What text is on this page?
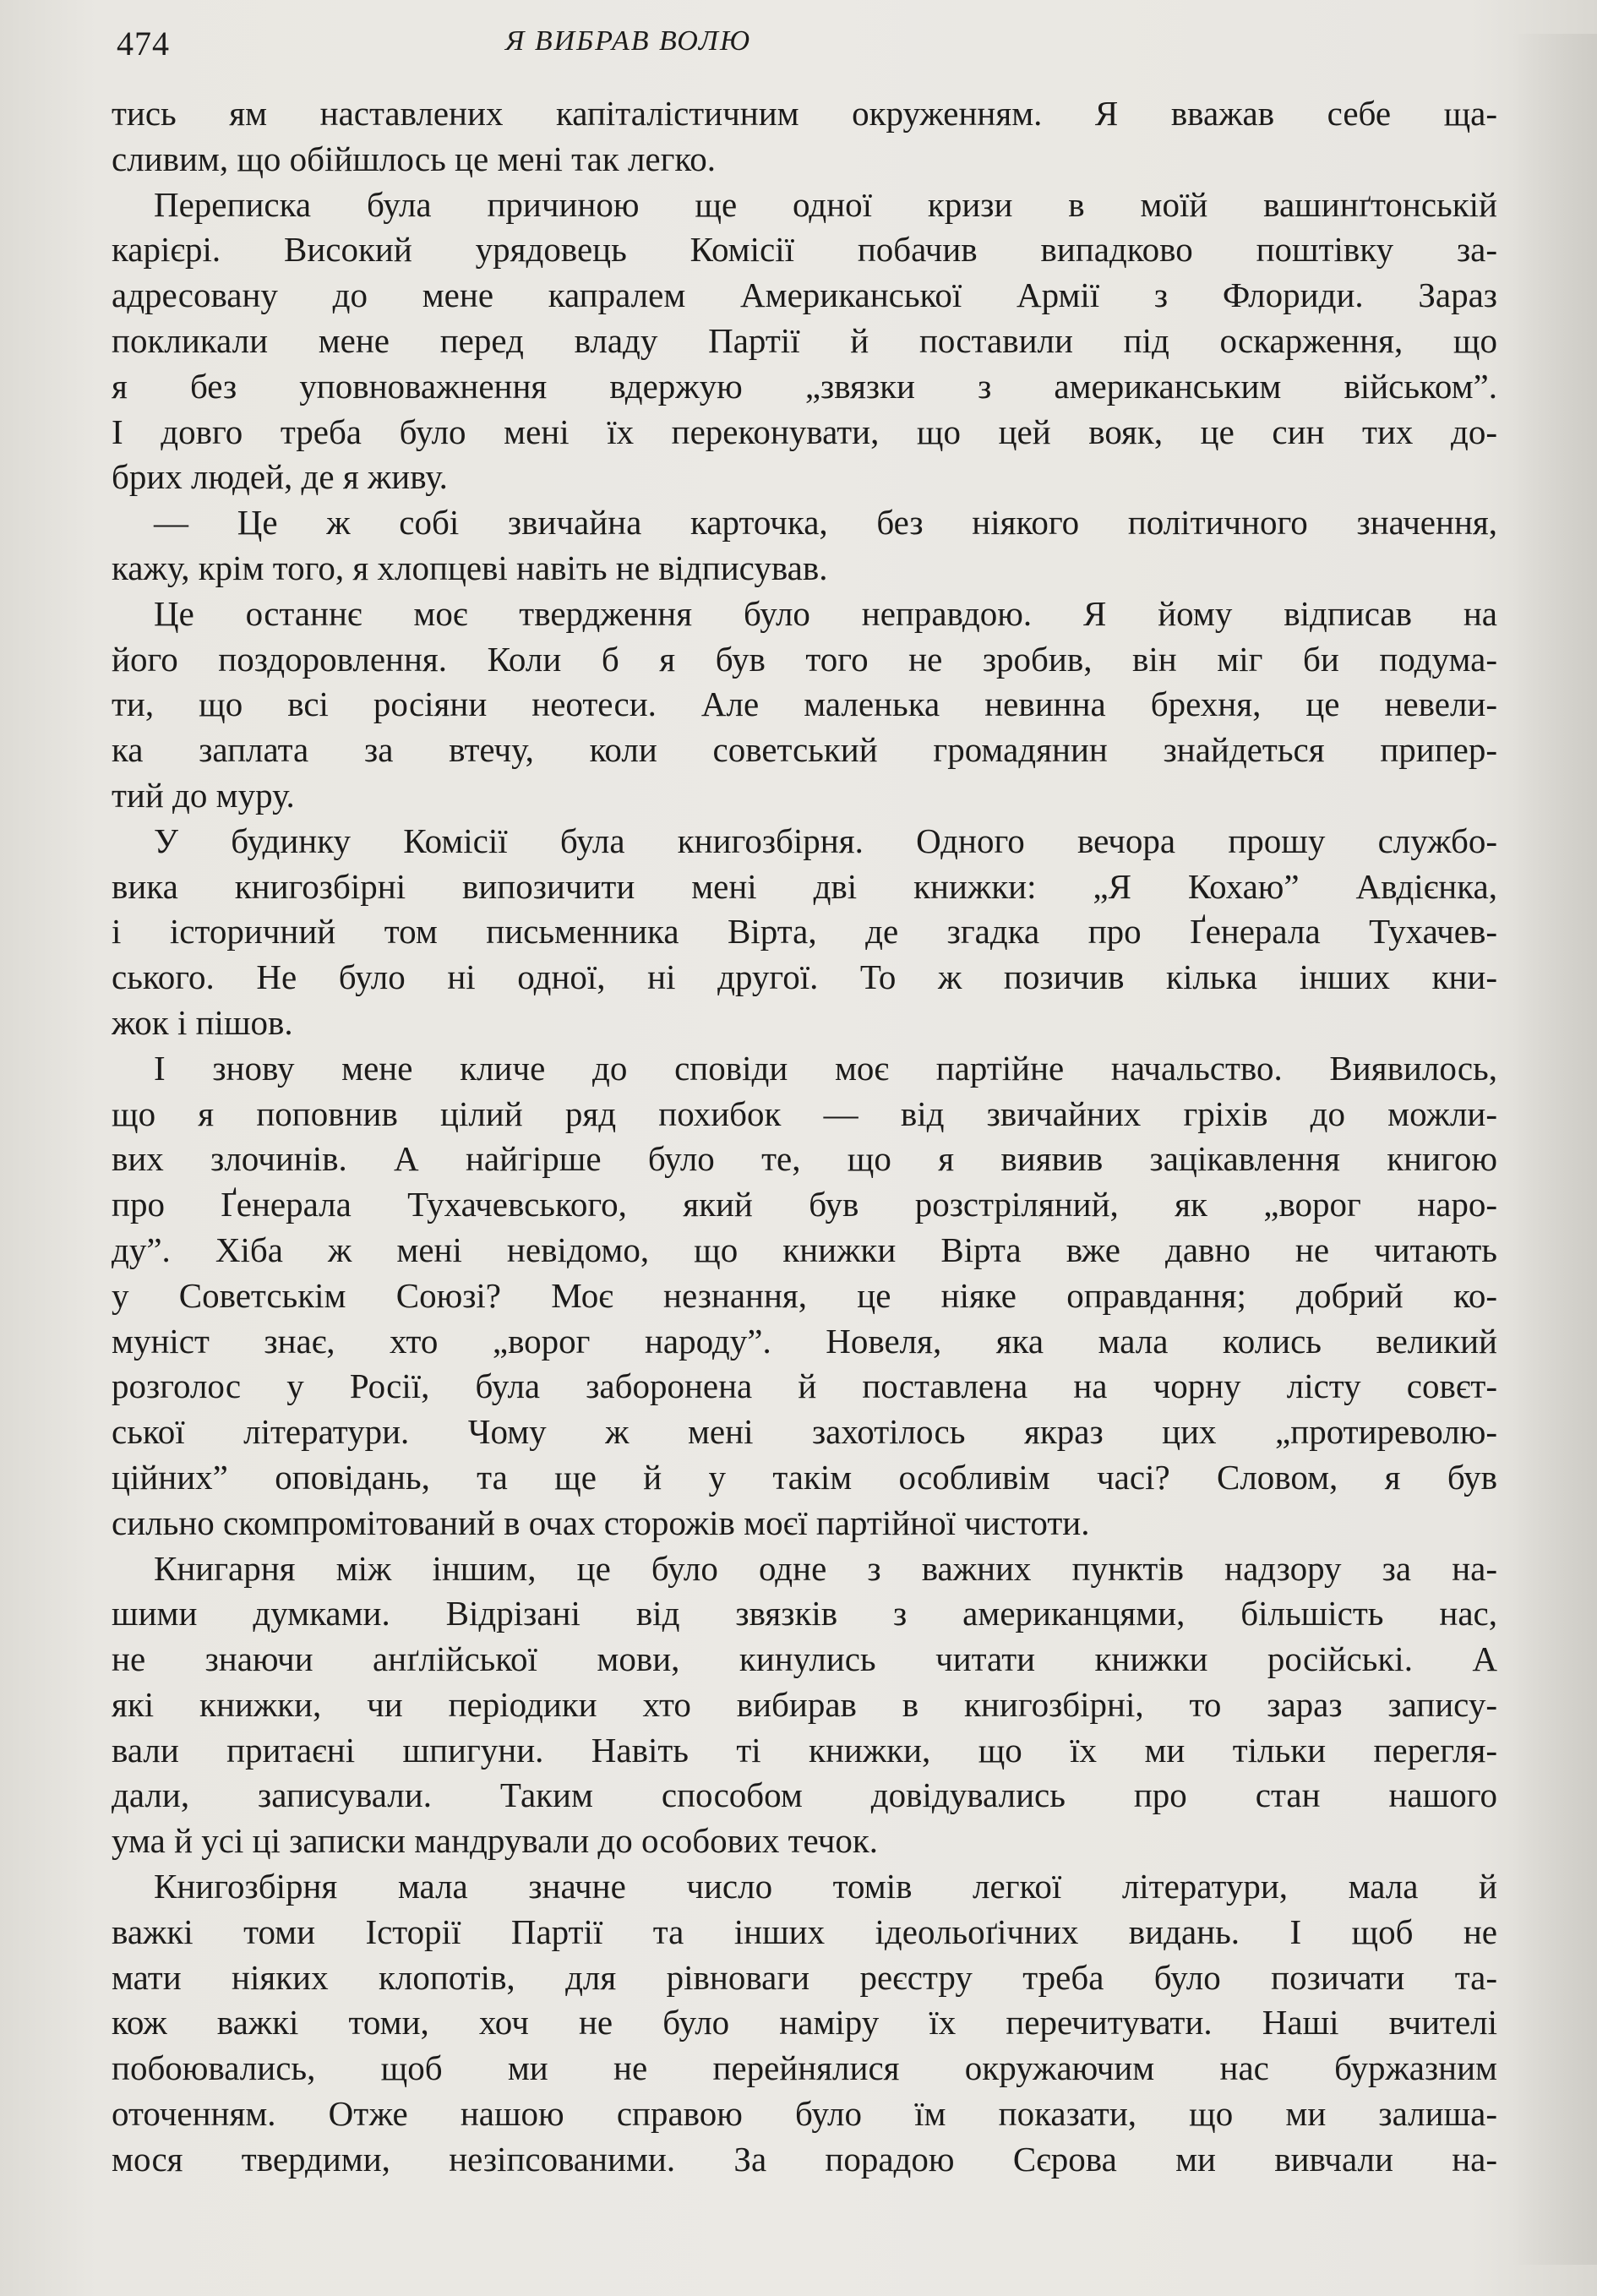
474	Я ВИБРАВ ВОЛЮ
тись ям наставлених капіталістичним окруженням. Я вважав себе ща-
сливим, що обійшлось це мені так легко.
Переписка була причиною ще одної кризи в моїй вашинґтонській
карієрі. Високий урядовець Комісії побачив випадково поштівку за-
адресовану до мене капралем Американської Армії з Флориди. Зараз
покликали мене перед владу Партії й поставили під оскарження, що
я без уповноважнення вдержую „звязки з американським військом”.
І довго треба було мені їх переконувати, що цей вояк, це син тих до-
брих людей, де я живу.
— Це ж собі звичайна карточка, без ніякого політичного значення,
кажу, крім того, я хлопцеві навіть не відписував.
Це останнє моє твердження було неправдою. Я йому відписав на
його поздоровлення. Коли б я був того не зробив, він міг би подума-
ти, що всі росіяни неотеси. Але маленька невинна брехня, це невели-
ка заплата за втечу, коли советський громадянин знайдеться припер-
тий до муру.
У будинку Комісії була книгозбірня. Одного вечора прошу службо-
вика книгозбірні випозичити мені дві книжки: „Я Кохаю” Авдієнка,
і історичний том письменника Вірта, де згадка про Ґенерала Тухачев-
ського. Не було ні одної, ні другої. То ж позичив кілька інших кни-
жок і пішов.
І знову мене кличе до сповіди моє партійне начальство. Виявилось,
що я поповнив цілий ряд похибок — від звичайних гріхів до можли-
вих злочинів. А найгірше було те, що я виявив зацікавлення книгою
про Ґенерала Тухачевського, який був розстріляний, як „ворог наро-
ду”. Хіба ж мені невідомо, що книжки Вірта вже давно не читають
у Советськім Союзі? Моє незнання, це ніяке оправдання; добрий ко-
муніст знає, хто „ворог народу”. Новеля, яка мала колись великий
розголос у Росії, була заборонена й поставлена на чорну лісту совєт-
ської літератури. Чому ж мені захотілось якраз цих „протиреволю-
ційних” оповідань, та ще й у такім особливім часі? Словом, я був
сильно скомпромітований в очах сторожів моєї партійної чистоти.
Книгарня між іншим, це було одне з важних пунктів надзору за на-
шими думками. Відрізані від звязків з американцями, більшість нас,
не знаючи анґлійської мови, кинулись читати книжки російські. А
які книжки, чи періодики хто вибирав в книгозбірні, то зараз запису-
вали притаєні шпигуни. Навіть ті книжки, що їх ми тільки перегля-
дали, записували. Таким способом довідувались про стан нашого
ума й усі ці записки мандрували до особових течок.
Книгозбірня мала значне число томів легкої літератури, мала й
важкі томи Історії Партії та інших ідеольоґічних видань. І щоб не
мати ніяких клопотів, для рівноваги реєстру треба було позичати та-
кож важкі томи, хоч не було наміру їх перечитувати. Наші вчителі
побоювались, щоб ми не перейнялися окружаючим нас буржазним
оточенням. Отже нашою справою було їм показати, що ми залиша-
мося твердими, незіпсованими. За порадою Сєрова ми вивчали на-
